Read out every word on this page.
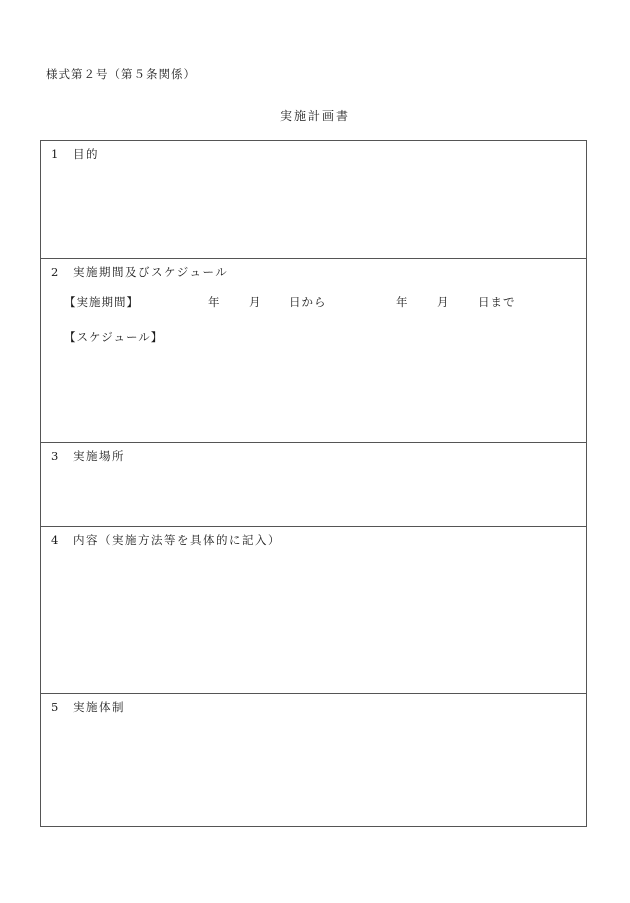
様式第２号（第５条関係）
実施計画書
1 目的
2 実施期間及びスケジュール
【実施期間】	年 月 日から	年 月 日まで
【スケジュール】
3 実施場所
4 内容（実施方法等を具体的に記入）
5 実施体制
